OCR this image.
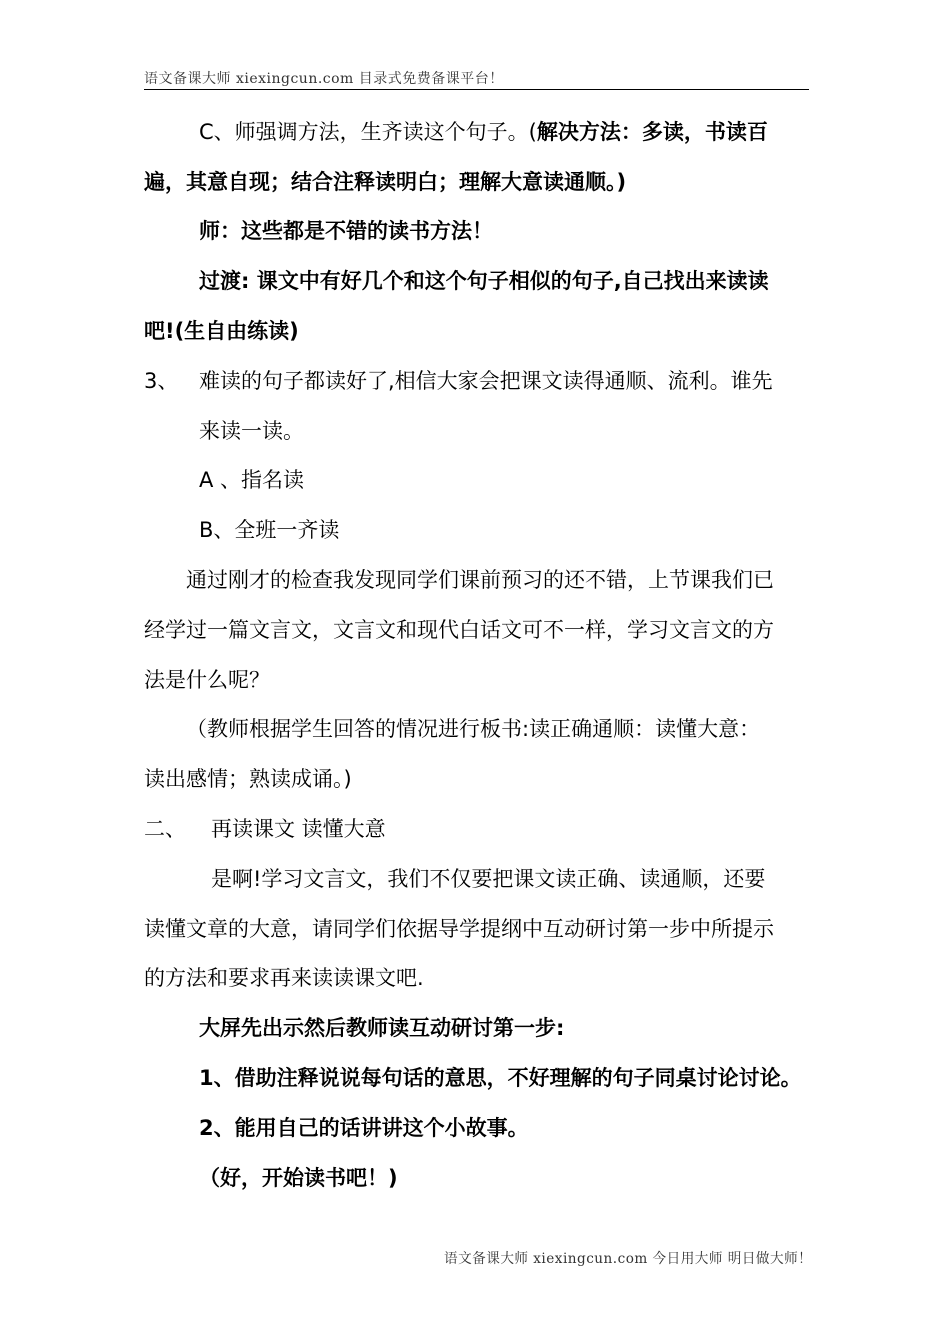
语文备课大师 xiexingcun.com 目录式免费备课平台！
C、师强调方法，生齐读这个句子。(解决方法：多读，书读百
遍，其意自现；结合注释读明白；理解大意读通顺。)
师：这些都是不错的读书方法！
过渡: 课文中有好几个和这个句子相似的句子,自己找出来读读
吧!(生自由练读)
3、 难读的句子都读好了,相信大家会把课文读得通顺、流利。谁先
来读一读。
A 、指名读
B、全班一齐读
通过刚才的检查我发现同学们课前预习的还不错，上节课我们已
经学过一篇文言文，文言文和现代白话文可不一样，学习文言文的方
法是什么呢？
（教师根据学生回答的情况进行板书:读正确通顺：读懂大意：
读出感情；熟读成诵。)
二、 再读课文 读懂大意
是啊!学习文言文，我们不仅要把课文读正确、读通顺，还要
读懂文章的大意，请同学们依据导学提纲中互动研讨第一步中所提示
的方法和要求再来读读课文吧.
大屏先出示然后教师读互动研讨第一步:
1、借助注释说说每句话的意思，不好理解的句子同桌讨论讨论。
2、能用自己的话讲讲这个小故事。
（好，开始读书吧！)
语文备课大师 xiexingcun.com 今日用大师 明日做大师！
